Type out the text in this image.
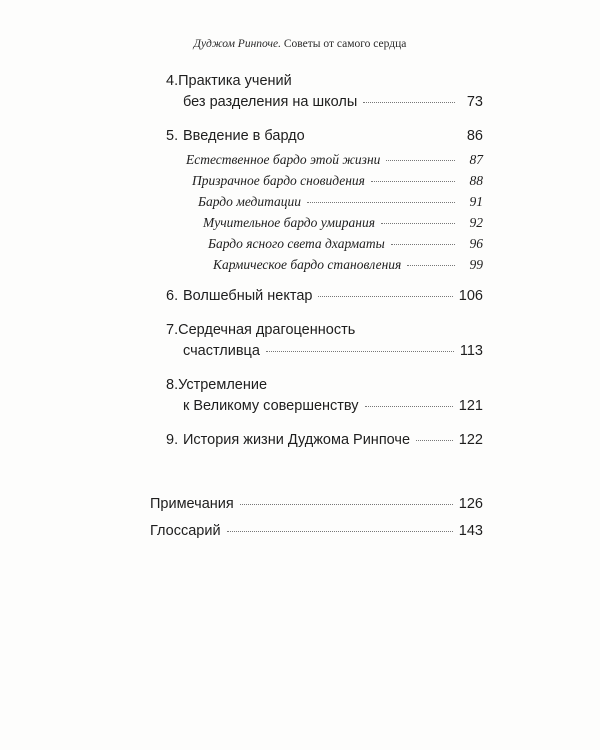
Дуджом Ринпоче. Советы от самого сердца
4.Практика учений
без разделения на школы	73
5. Введение в бардо	86
Естественное бардо этой жизни	87
Призрачное бардо сновидения	88
Бардо медитации	91
Мучительное бардо умирания	92
Бардо ясного света дхарматы	96
Кармическое бардо становления	99
6. Волшебный нектар	106
7.Сердечная драгоценность
счастливца	113
8.Устремление
к Великому совершенству	121
9. История жизни Дуджома Ринпоче	122
Примечания	126
Глоссарий	143
